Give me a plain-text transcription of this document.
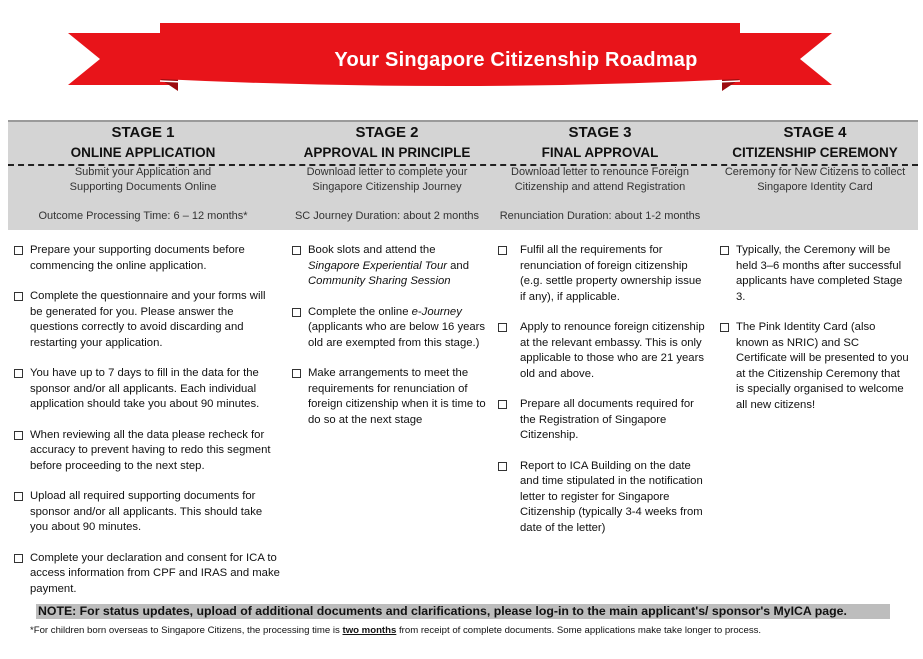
Your Singapore Citizenship Roadmap
STAGE 1
ONLINE APPLICATION
Submit your Application and
Supporting Documents Online
Outcome Processing Time: 6 – 12 months*
STAGE 2
APPROVAL IN PRINCIPLE
Download letter to complete your
Singapore Citizenship Journey
SC Journey Duration: about 2 months
STAGE 3
FINAL APPROVAL
Download letter to renounce Foreign
Citizenship and attend Registration
Renunciation Duration: about 1-2 months
STAGE 4
CITIZENSHIP CEREMONY
Ceremony for New Citizens to collect
Singapore Identity Card
Prepare your supporting documents before commencing the online application.
Complete the questionnaire and your forms will be generated for you. Please answer the questions correctly to avoid discarding and restarting your application.
You have up to 7 days to fill in the data for the sponsor and/or all applicants. Each individual application should take you about 90 minutes.
When reviewing all the data please recheck for accuracy to prevent having to redo this segment before proceeding to the next step.
Upload all required supporting documents for sponsor and/or all applicants. This should take you about 90 minutes.
Complete your declaration and consent for ICA to access information from CPF and IRAS and make payment.
Book slots and attend the Singapore Experiential Tour and Community Sharing Session
Complete the online e-Journey (applicants who are below 16 years old are exempted from this stage.)
Make arrangements to meet the requirements for renunciation of foreign citizenship when it is time to do so at the next stage
Fulfil all the requirements for renunciation of foreign citizenship (e.g. settle property ownership issue if any), if applicable.
Apply to renounce foreign citizenship at the relevant embassy. This is only applicable to those who are 21 years old and above.
Prepare all documents required for the Registration of Singapore Citizenship.
Report to ICA Building on the date and time stipulated in the notification letter to register for Singapore Citizenship (typically 3-4 weeks from date of the letter)
Typically, the Ceremony will be held 3–6 months after successful applicants have completed Stage 3.
The Pink Identity Card (also known as NRIC) and SC Certificate will be presented to you at the Citizenship Ceremony that is specially organised to welcome all new citizens!
NOTE: For status updates, upload of additional documents and clarifications, please log-in to the main applicant's/ sponsor's MyICA page.
*For children born overseas to Singapore Citizens, the processing time is two months from receipt of complete documents. Some applications make take longer to process.
